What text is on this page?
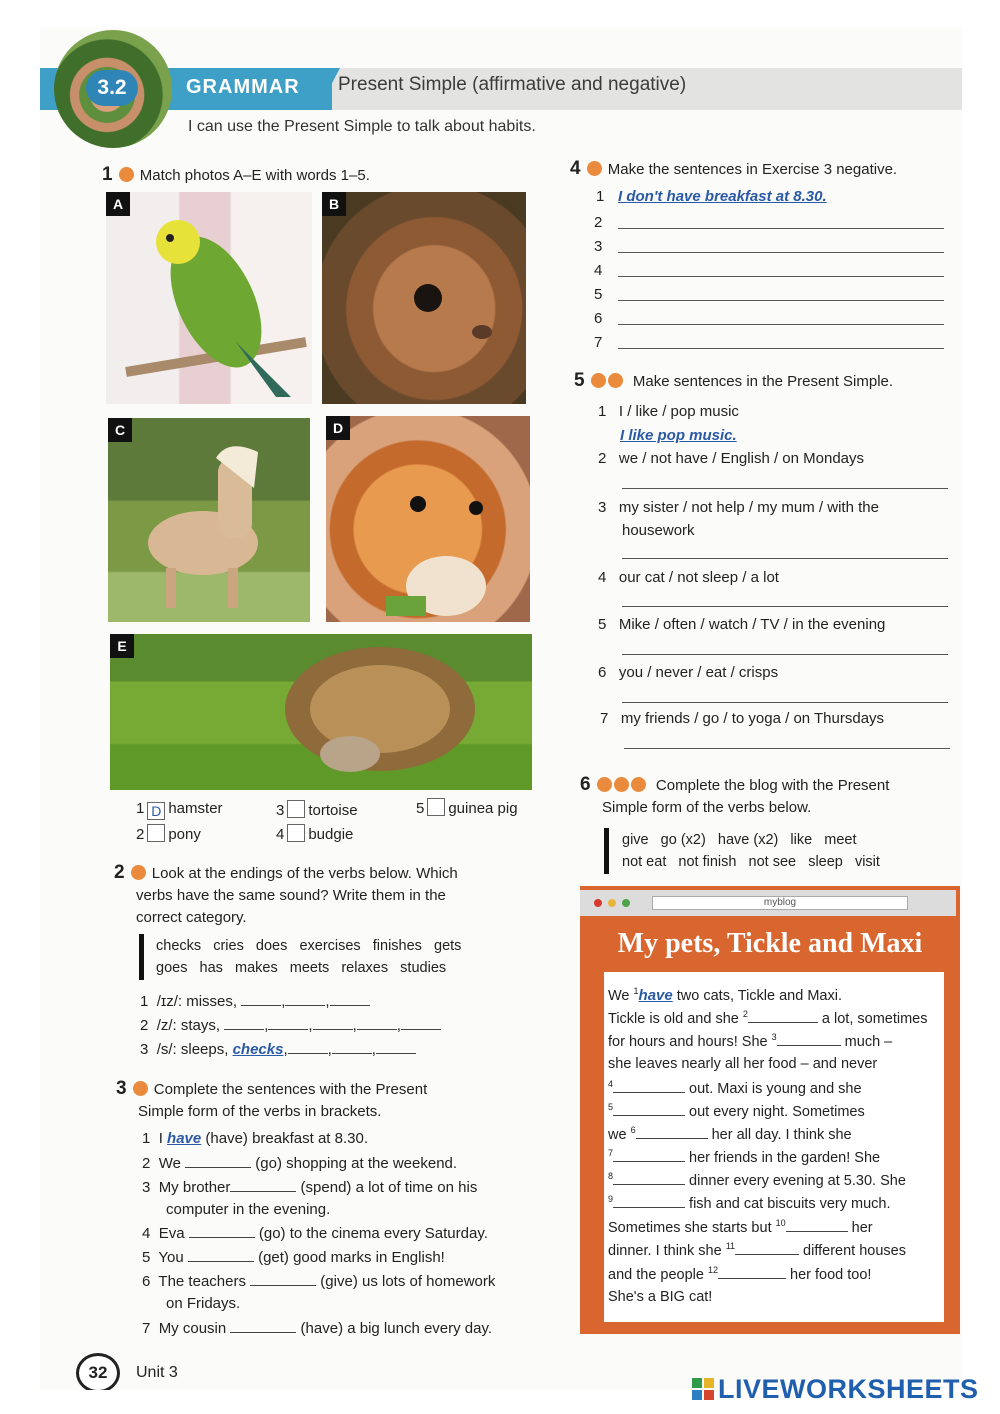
3.2	GRAMMAR Present Simple (affirmative and negative)
I can use the Present Simple to talk about habits.
1 Match photos A–E with words 1–5.
A	B
C	D
E
1 D hamster
2 pony
3 tortoise
4 budgie
5 guinea pig
2 Look at the endings of the verbs below. Which
verbs have the same sound? Write them in the
correct category.
checks   cries   does   exercises   finishes   gets
goes   has   makes   meets   relaxes   studies
1 /ɪz/: misses,	,	,
2 /z/: stays,	,	,	,	,
3 /s/: sleeps, checks,	,	,
3 Complete the sentences with the Present
Simple form of the verbs in brackets.
1 I have (have) breakfast at 8.30.
2 We	(go) shopping at the weekend.
3 My brother	(spend) a lot of time on his
computer in the evening.
4 Eva	(go) to the cinema every Saturday.
5 You	(get) good marks in English!
6 The teachers	(give) us lots of homework
on Fridays.
7 My cousin	(have) a big lunch every day.
4 Make the sentences in Exercise 3 negative.
1 I don't have breakfast at 8.30.
2
3
4
5
6
7
5	Make sentences in the Present Simple.
1 I / like / pop music
I like pop music.
2 we / not have / English / on Mondays
3 my sister / not help / my mum / with the
housework
4 our cat / not sleep / a lot
5 Mike / often / watch / TV / in the evening
6 you / never / eat / crisps
7 my friends / go / to yoga / on Thursdays
6	Complete the blog with the Present
Simple form of the verbs below.
give   go (x2)   have (x2)   like   meet
not eat   not finish   not see   sleep   visit
myblog
My pets, Tickle and Maxi
We $^1$have two cats, Tickle and Maxi.
Tickle is old and she $^2$	a lot, sometimes
for hours and hours! She $^3$	much –
she leaves nearly all her food – and never
$^4$	out. Maxi is young and she
$^5$	out every night. Sometimes
we $^6$	her all day. I think she
$^7$	her friends in the garden! She
$^8$	dinner every evening at 5.30. She
$^9$	fish and cat biscuits very much.
Sometimes she starts but $^{10}$	her
dinner. I think she $^{11}$	different houses
and the people $^{12}$	her food too!
She's a BIG cat!
32	Unit 3
LIVEWORKSHEETS
